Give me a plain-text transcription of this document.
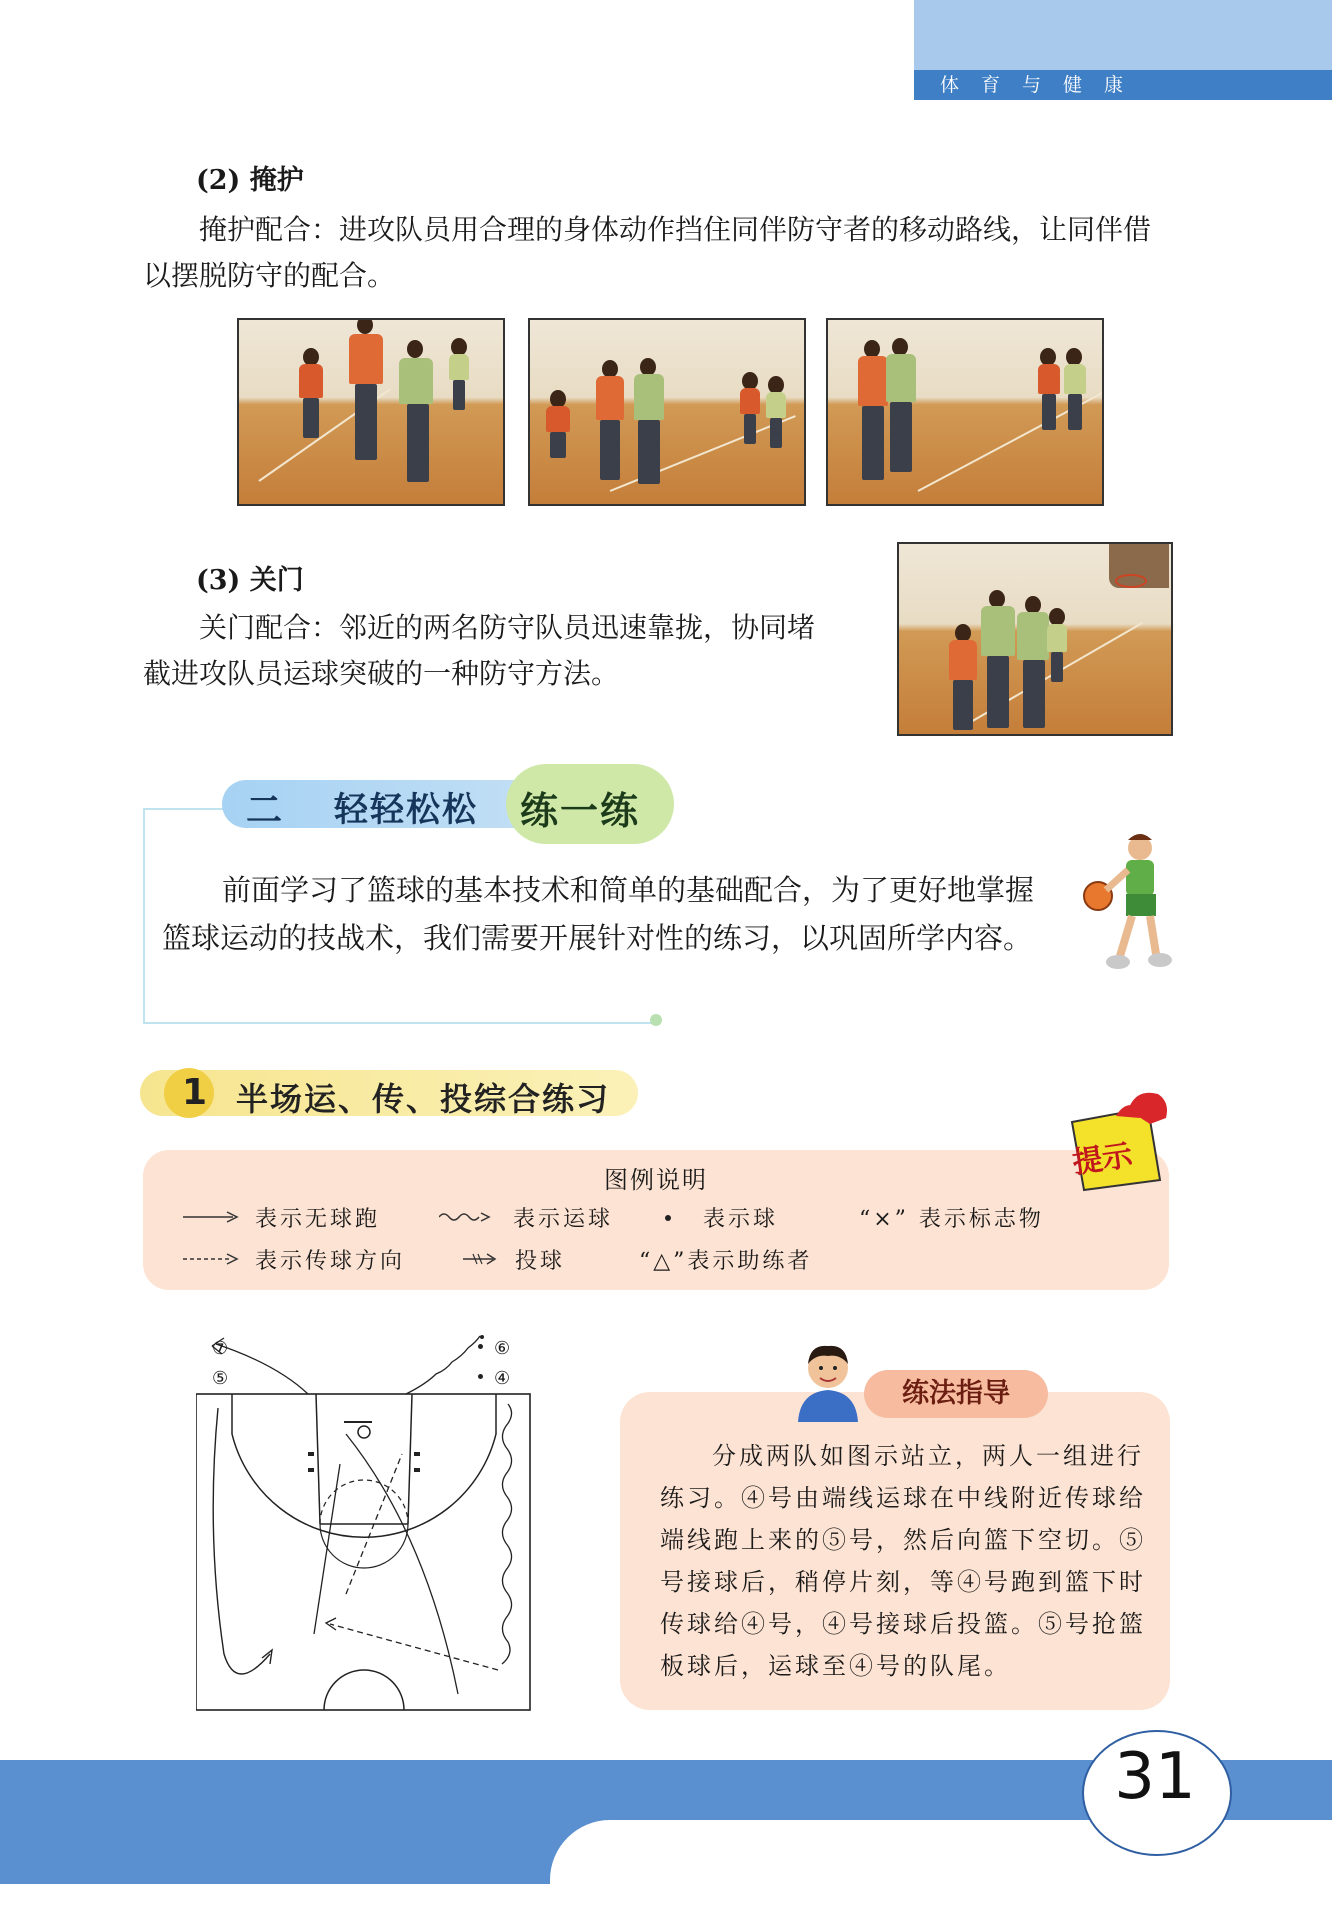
体育与健康
(2) 掩护
掩护配合：进攻队员用合理的身体动作挡住同伴防守者的移动路线，让同伴借以摆脱防守的配合。
(3) 关门
关门配合：邻近的两名防守队员迅速靠拢，协同堵截进攻队员运球突破的一种防守方法。
二 轻轻松松 练一练
前面学习了篮球的基本技术和简单的基础配合，为了更好地掌握篮球运动的技战术，我们需要开展针对性的练习，以巩固所学内容。
1 半场运、传、投综合练习
图例说明
表示无球跑	表示运球	表示球	“×” 表示标志物
表示传球方向	投球	“△”表示助练者
提示
⑦
⑤
⑥
④	练法指导
分成两队如图示站立，两人一组进行练习。④号由端线运球在中线附近传球给端线跑上来的⑤号，然后向篮下空切。⑤号接球后，稍停片刻，等④号跑到篮下时传球给④号，④号接球后投篮。⑤号抢篮板球后，运球至④号的队尾。
31
